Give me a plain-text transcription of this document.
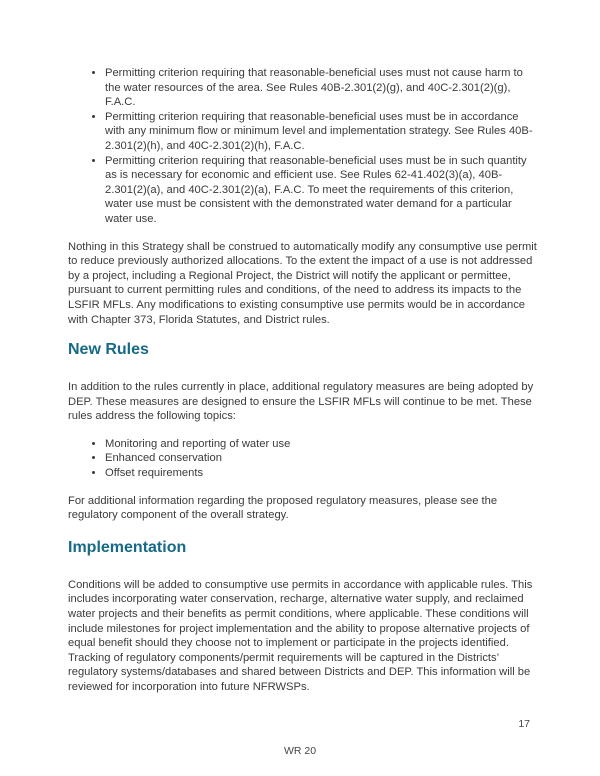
• Permitting criterion requiring that reasonable-beneficial uses must not cause harm to the water resources of the area. See Rules 40B-2.301(2)(g), and 40C-2.301(2)(g), F.A.C.
• Permitting criterion requiring that reasonable-beneficial uses must be in accordance with any minimum flow or minimum level and implementation strategy. See Rules 40B-2.301(2)(h), and 40C-2.301(2)(h), F.A.C.
• Permitting criterion requiring that reasonable-beneficial uses must be in such quantity as is necessary for economic and efficient use. See Rules 62-41.402(3)(a), 40B-2.301(2)(a), and 40C-2.301(2)(a), F.A.C. To meet the requirements of this criterion, water use must be consistent with the demonstrated water demand for a particular water use.

Nothing in this Strategy shall be construed to automatically modify any consumptive use permit to reduce previously authorized allocations. To the extent the impact of a use is not addressed by a project, including a Regional Project, the District will notify the applicant or permittee, pursuant to current permitting rules and conditions, of the need to address its impacts to the LSFIR MFLs. Any modifications to existing consumptive use permits would be in accordance with Chapter 373, Florida Statutes, and District rules.

New Rules

In addition to the rules currently in place, additional regulatory measures are being adopted by DEP. These measures are designed to ensure the LSFIR MFLs will continue to be met. These rules address the following topics:

• Monitoring and reporting of water use
• Enhanced conservation
• Offset requirements

For additional information regarding the proposed regulatory measures, please see the regulatory component of the overall strategy.

Implementation

Conditions will be added to consumptive use permits in accordance with applicable rules. This includes incorporating water conservation, recharge, alternative water supply, and reclaimed water projects and their benefits as permit conditions, where applicable. These conditions will include milestones for project implementation and the ability to propose alternative projects of equal benefit should they choose not to implement or participate in the projects identified. Tracking of regulatory components/permit requirements will be captured in the Districts’ regulatory systems/databases and shared between Districts and DEP. This information will be reviewed for incorporation into future NFRWSPs.

17
WR 20
